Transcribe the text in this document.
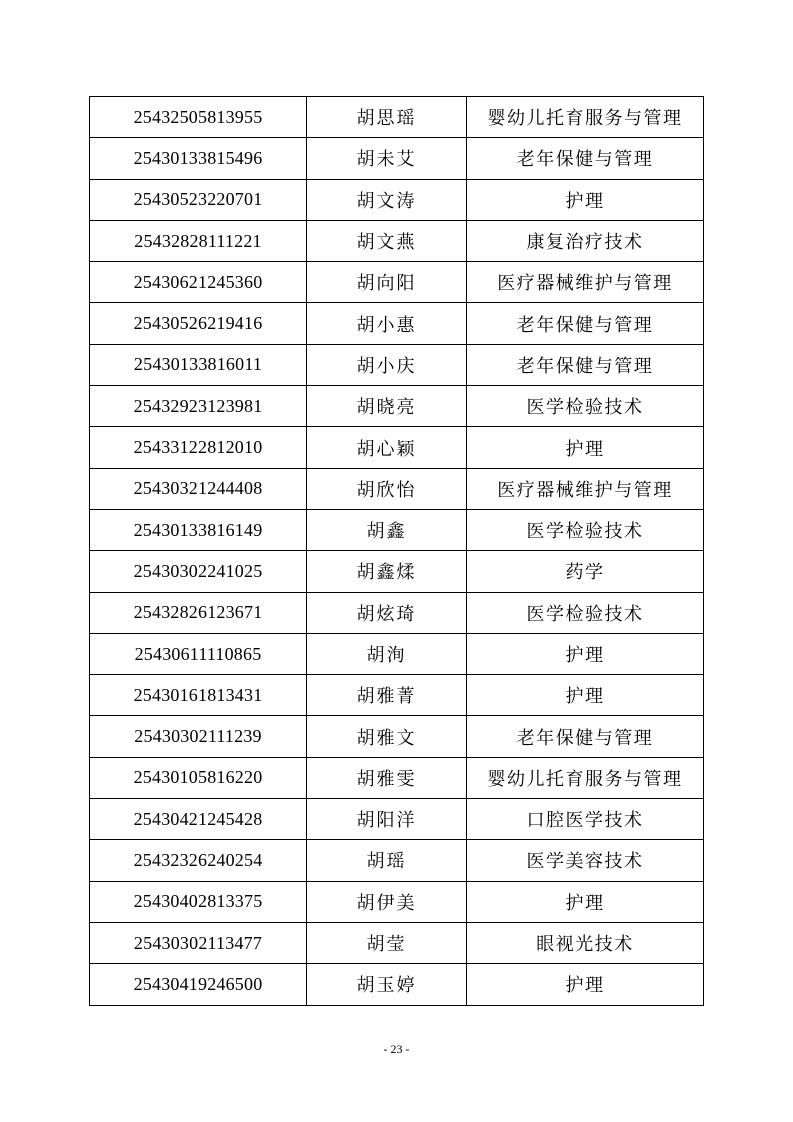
25432505813955	胡思瑶	婴幼儿托育服务与管理
25430133815496	胡未艾	老年保健与管理
25430523220701	胡文涛	护理
25432828111221	胡文燕	康复治疗技术
25430621245360	胡向阳	医疗器械维护与管理
25430526219416	胡小惠	老年保健与管理
25430133816011	胡小庆	老年保健与管理
25432923123981	胡晓亮	医学检验技术
25433122812010	胡心颖	护理
25430321244408	胡欣怡	医疗器械维护与管理
25430133816149	胡鑫	医学检验技术
25430302241025	胡鑫煣	药学
25432826123671	胡炫琦	医学检验技术
25430611110865	胡洵	护理
25430161813431	胡雅菁	护理
25430302111239	胡雅文	老年保健与管理
25430105816220	胡雅雯	婴幼儿托育服务与管理
25430421245428	胡阳洋	口腔医学技术
25432326240254	胡瑶	医学美容技术
25430402813375	胡伊美	护理
25430302113477	胡莹	眼视光技术
25430419246500	胡玉婷	护理
- 23 -
